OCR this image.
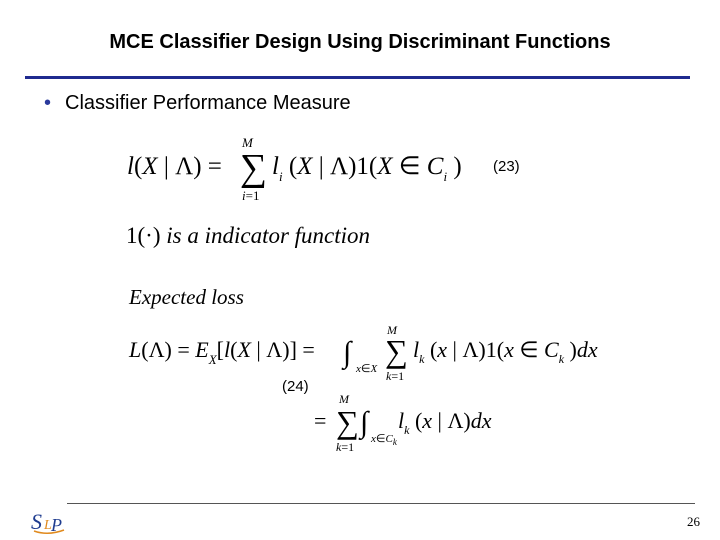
MCE Classifier Design Using Discriminant Functions
• Classifier Performance Measure
l(X | Λ) =
M
∑
i=1
$l_i$ (X | Λ)1(X ∈ $C_i$ )
1(·) is a indicator function
Expected loss
$L(\Lambda) = E_X[l(X$ | Λ)] = ∫ x∈X
M
∑
k=1
$l_k$ (x | Λ)1(x ∈ $C_k$ )dx
=
M
∑
k=1
∫ $x\in C_k$
$l_k$ (x | Λ)dx
(23)
(24)
S L P	26
